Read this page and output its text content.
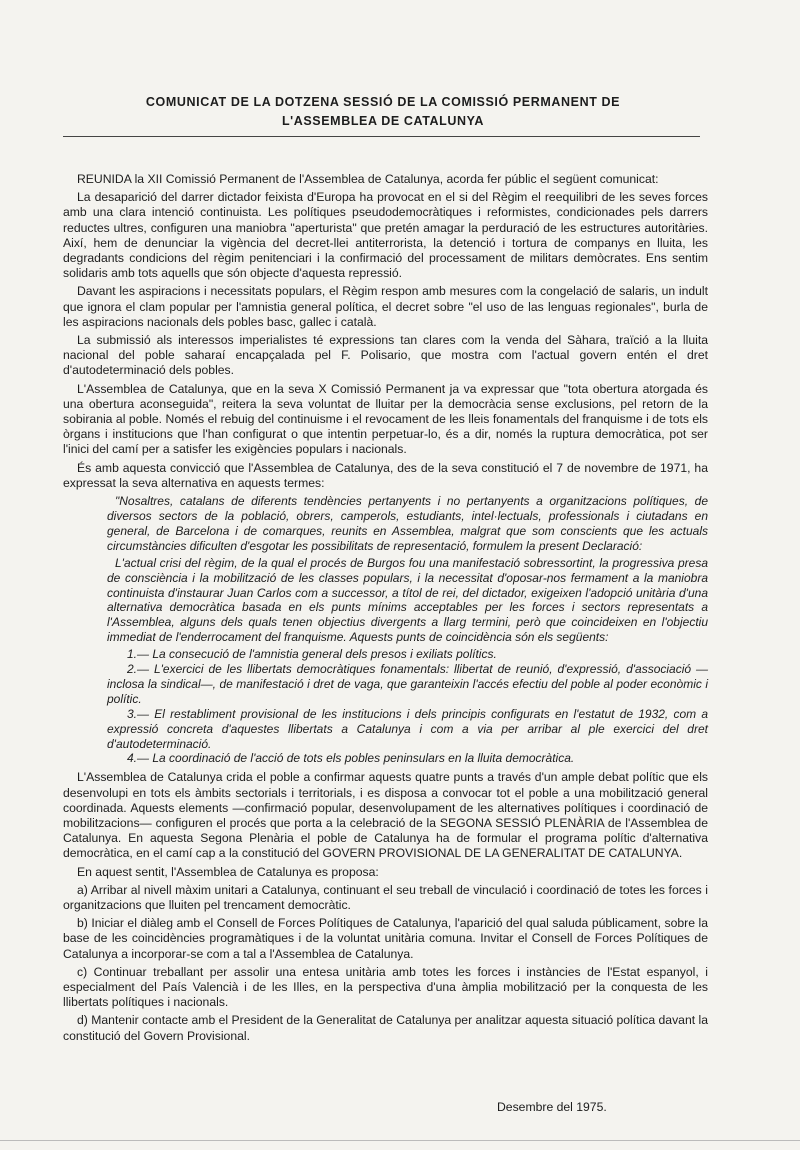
COMUNICAT DE LA DOTZENA SESSIÓ DE LA COMISSIÓ PERMANENT DE
L'ASSEMBLEA DE CATALUNYA

REUNIDA la XII Comissió Permanent de l'Assemblea de Catalunya, acorda fer públic el següent comunicat:

La desaparició del darrer dictador feixista d'Europa ha provocat en el si del Règim el reequilibri de les seves forces amb una clara intenció continuista. Les polítiques pseudodemocràtiques i reformistes, condicionades pels darrers reductes ultres, configuren una maniobra "aperturista" que pretén amagar la perduració de les estructures autoritàries. Així, hem de denunciar la vigència del decret-llei antiterrorista, la detenció i tortura de companys en lluita, les degradants condicions del règim penitenciari i la confirmació del processament de militars demòcrates. Ens sentim solidaris amb tots aquells que són objecte d'aquesta repressió.

Davant les aspiracions i necessitats populars, el Règim respon amb mesures com la congelació de salaris, un indult que ignora el clam popular per l'amnistia general política, el decret sobre "el uso de las lenguas regionales", burla de les aspiracions nacionals dels pobles basc, gallec i català.

La submissió als interessos imperialistes té expressions tan clares com la venda del Sàhara, traïció a la lluita nacional del poble saharaí encapçalada pel F. Polisario, que mostra com l'actual govern entén el dret d'autodeterminació dels pobles.

L'Assemblea de Catalunya, que en la seva X Comissió Permanent ja va expressar que "tota obertura atorgada és una obertura aconseguida", reitera la seva voluntat de lluitar per la democràcia sense exclusions, pel retorn de la sobirania al poble. Només el rebuig del continuisme i el revocament de les lleis fonamentals del franquisme i de tots els òrgans i institucions que l'han configurat o que intentin perpetuar-lo, és a dir, només la ruptura democràtica, pot ser l'inici del camí per a satisfer les exigències populars i nacionals.

És amb aquesta convicció que l'Assemblea de Catalunya, des de la seva constitució el 7 de novembre de 1971, ha expressat la seva alternativa en aquests termes:

"Nosaltres, catalans de diferents tendències pertanyents i no pertanyents a organitzacions polítiques, de diversos sectors de la població, obrers, camperols, estudiants, intel·lectuals, professionals i ciutadans en general, de Barcelona i de comarques, reunits en Assemblea, malgrat que som conscients que les actuals circumstàncies dificulten d'esgotar les possibilitats de representació, formulem la present Declaració:

L'actual crisi del règim, de la qual el procés de Burgos fou una manifestació sobressortint, la progressiva presa de consciència i la mobilització de les classes populars, i la necessitat d'oposar-nos fermament a la maniobra continuista d'instaurar Juan Carlos com a successor, a títol de rei, del dictador, exigeixen l'adopció unitària d'una alternativa democràtica basada en els punts mínims acceptables per les forces i sectors representats a l'Assemblea, alguns dels quals tenen objectius divergents a llarg termini, però que coincideixen en l'objectiu immediat de l'enderrocament del franquisme. Aquests punts de coincidència són els següents:

1.— La consecució de l'amnistia general dels presos i exiliats polítics.

2.— L'exercici de les llibertats democràtiques fonamentals: llibertat de reunió, d'expressió, d'associació —inclosa la sindical—, de manifestació i dret de vaga, que garanteixin l'accés efectiu del poble al poder econòmic i polític.

3.— El restabliment provisional de les institucions i dels principis configurats en l'estatut de 1932, com a expressió concreta d'aquestes llibertats a Catalunya i com a via per arribar al ple exercici del dret d'autodeterminació.

4.— La coordinació de l'acció de tots els pobles peninsulars en la lluita democràtica.

L'Assemblea de Catalunya crida el poble a confirmar aquests quatre punts a través d'un ample debat polític que els desenvolupi en tots els àmbits sectorials i territorials, i es disposa a convocar tot el poble a una mobilització general coordinada. Aquests elements —confirmació popular, desenvolupament de les alternatives polítiques i coordinació de mobilitzacions— configuren el procés que porta a la celebració de la SEGONA SESSIÓ PLENÀRIA de l'Assemblea de Catalunya. En aquesta Segona Plenària el poble de Catalunya ha de formular el programa polític d'alternativa democràtica, en el camí cap a la constitució del GOVERN PROVISIONAL DE LA GENERALITAT DE CATALUNYA.

En aquest sentit, l'Assemblea de Catalunya es proposa:

a) Arribar al nivell màxim unitari a Catalunya, continuant el seu treball de vinculació i coordinació de totes les forces i organitzacions que lluiten pel trencament democràtic.

b) Iniciar el diàleg amb el Consell de Forces Polítiques de Catalunya, l'aparició del qual saluda públicament, sobre la base de les coincidències programàtiques i de la voluntat unitària comuna. Invitar el Consell de Forces Polítiques de Catalunya a incorporar-se com a tal a l'Assemblea de Catalunya.

c) Continuar treballant per assolir una entesa unitària amb totes les forces i instàncies de l'Estat espanyol, i especialment del País Valencià i de les Illes, en la perspectiva d'una àmplia mobilització per la conquesta de les llibertats polítiques i nacionals.

d) Mantenir contacte amb el President de la Generalitat de Catalunya per analitzar aquesta situació política davant la constitució del Govern Provisional.

Desembre del 1975.
